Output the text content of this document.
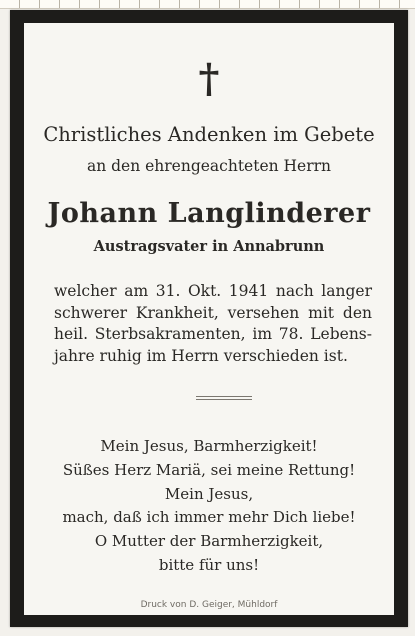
†
Christliches Andenken im Gebete
an den ehrengeachteten Herrn
Johann Langlinderer
Austragsvater in Annabrunn
welcher am 31. Okt. 1941 nach langer
schwerer Krankheit, versehen mit den
heil. Sterbsakramenten, im 78. Lebens-
jahre ruhig im Herrn verschieden ist.
Mein Jesus, Barmherzigkeit!
Süßes Herz Mariä, sei meine Rettung!
Mein Jesus,
mach, daß ich immer mehr Dich liebe!
O Mutter der Barmherzigkeit,
bitte für uns!
Druck von D. Geiger, Mühldorf
